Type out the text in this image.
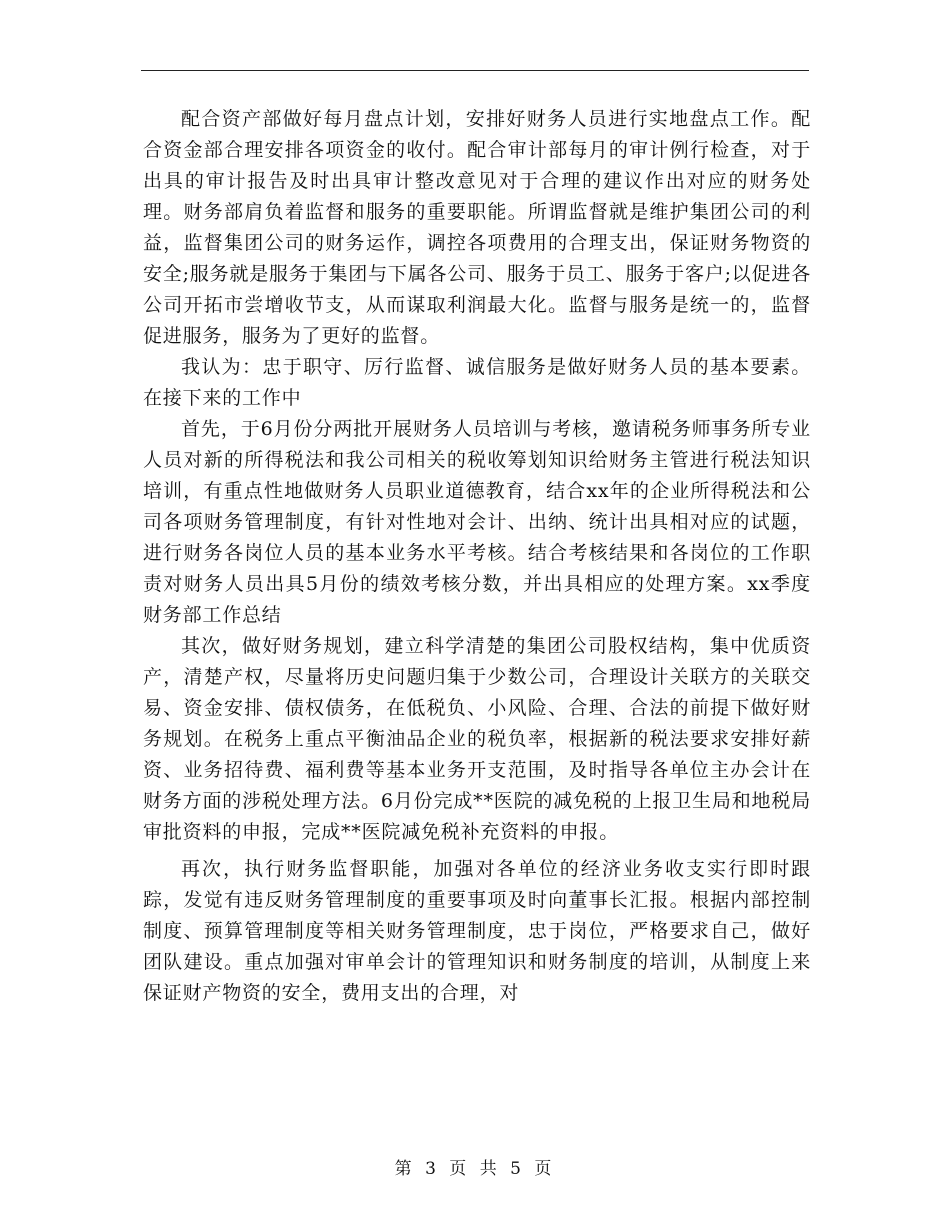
配合资产部做好每月盘点计划，安排好财务人员进行实地盘点工作。配合资金部合理安排各项资金的收付。配合审计部每月的审计例行检查，对于出具的审计报告及时出具审计整改意见对于合理的建议作出对应的财务处理。财务部肩负着监督和服务的重要职能。所谓监督就是维护集团公司的利益，监督集团公司的财务运作，调控各项费用的合理支出，保证财务物资的安全;服务就是服务于集团与下属各公司、服务于员工、服务于客户;以促进各公司开拓市尝增收节支，从而谋取利润最大化。监督与服务是统一的，监督促进服务，服务为了更好的监督。

我认为：忠于职守、厉行监督、诚信服务是做好财务人员的基本要素。在接下来的工作中

首先，于6月份分两批开展财务人员培训与考核，邀请税务师事务所专业人员对新的所得税法和我公司相关的税收筹划知识给财务主管进行税法知识培训，有重点性地做财务人员职业道德教育，结合xx年的企业所得税法和公司各项财务管理制度，有针对性地对会计、出纳、统计出具相对应的试题，进行财务各岗位人员的基本业务水平考核。结合考核结果和各岗位的工作职责对财务人员出具5月份的绩效考核分数，并出具相应的处理方案。xx季度财务部工作总结

其次，做好财务规划，建立科学清楚的集团公司股权结构，集中优质资产，清楚产权，尽量将历史问题归集于少数公司，合理设计关联方的关联交易、资金安排、债权债务，在低税负、小风险、合理、合法的前提下做好财务规划。在税务上重点平衡油品企业的税负率，根据新的税法要求安排好薪资、业务招待费、福利费等基本业务开支范围，及时指导各单位主办会计在财务方面的涉税处理方法。6月份完成**医院的减免税的上报卫生局和地税局审批资料的申报，完成**医院减免税补充资料的申报。

再次，执行财务监督职能，加强对各单位的经济业务收支实行即时跟踪，发觉有违反财务管理制度的重要事项及时向董事长汇报。根据内部控制制度、预算管理制度等相关财务管理制度，忠于岗位，严格要求自己，做好团队建设。重点加强对审单会计的管理知识和财务制度的培训，从制度上来保证财产物资的安全，费用支出的合理，对

第 3 页 共 5 页
